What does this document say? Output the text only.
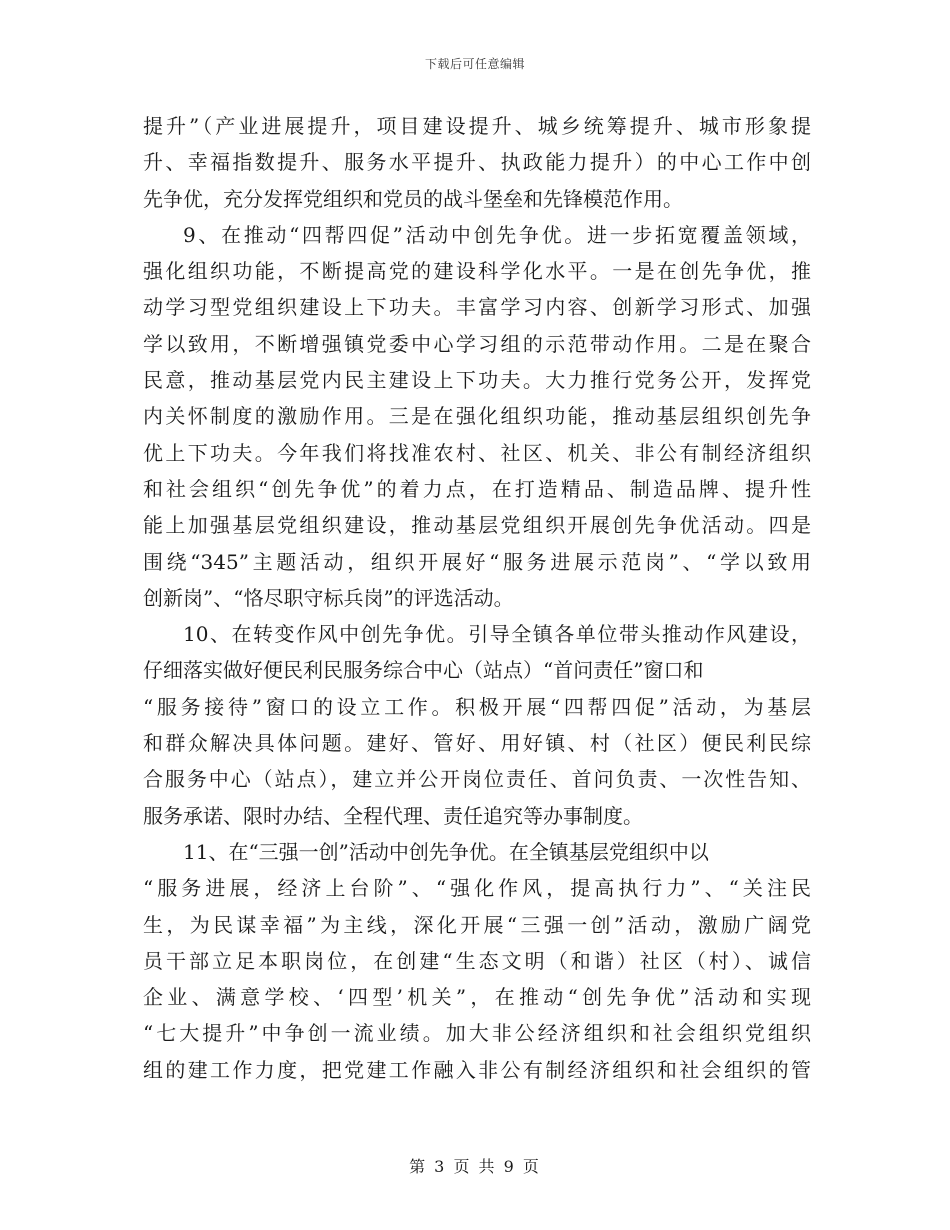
下载后可任意编辑
提升”（产业进展提升，项目建设提升、城乡统筹提升、城市形象提
升、幸福指数提升、服务水平提升、执政能力提升）的中心工作中创
先争优，充分发挥党组织和党员的战斗堡垒和先锋模范作用。
9、在推动“四帮四促”活动中创先争优。进一步拓宽覆盖领域，
强化组织功能，不断提高党的建设科学化水平。一是在创先争优，推
动学习型党组织建设上下功夫。丰富学习内容、创新学习形式、加强
学以致用，不断增强镇党委中心学习组的示范带动作用。二是在聚合
民意，推动基层党内民主建设上下功夫。大力推行党务公开，发挥党
内关怀制度的激励作用。三是在强化组织功能，推动基层组织创先争
优上下功夫。今年我们将找准农村、社区、机关、非公有制经济组织
和社会组织“创先争优”的着力点，在打造精品、制造品牌、提升性
能上加强基层党组织建设，推动基层党组织开展创先争优活动。四是
围绕“345”主题活动，组织开展好“服务进展示范岗”、“学以致用
创新岗”、“恪尽职守标兵岗”的评选活动。
10、在转变作风中创先争优。引导全镇各单位带头推动作风建设，
仔细落实做好便民利民服务综合中心（站点）“首问责任”窗口和
“服务接待”窗口的设立工作。积极开展“四帮四促”活动，为基层
和群众解决具体问题。建好、管好、用好镇、村（社区）便民利民综
合服务中心（站点），建立并公开岗位责任、首问负责、一次性告知、
服务承诺、限时办结、全程代理、责任追究等办事制度。
11、在“三强一创”活动中创先争优。在全镇基层党组织中以
“服务进展，经济上台阶”、“强化作风，提高执行力”、“关注民
生，为民谋幸福”为主线，深化开展“三强一创”活动，激励广阔党
员干部立足本职岗位，在创建“生态文明（和谐）社区（村）、诚信
企业、满意学校、‘四型’机关”，在推动“创先争优”活动和实现
“七大提升”中争创一流业绩。加大非公经济组织和社会组织党组织
组的建工作力度，把党建工作融入非公有制经济组织和社会组织的管
第 3 页 共 9 页
